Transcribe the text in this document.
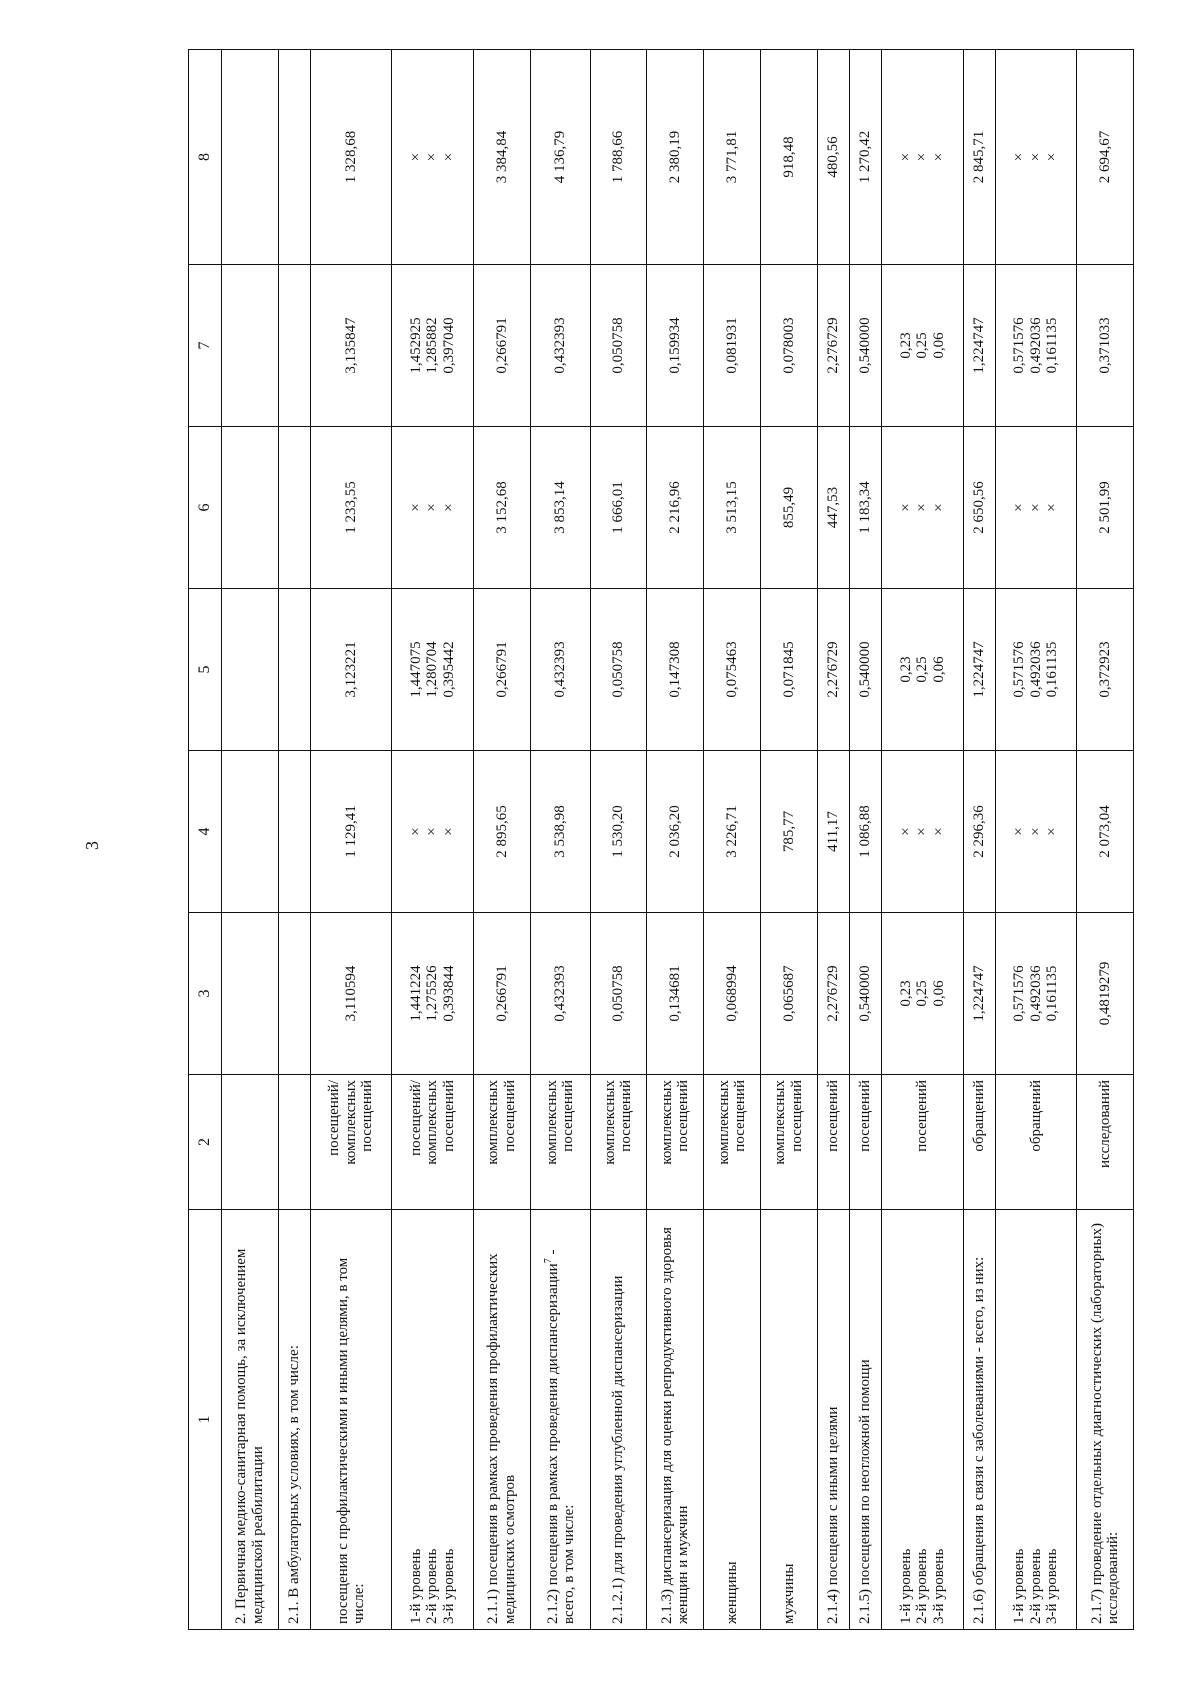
3
1	2	3	4	5	6	7	8
2. Первичная медико-санитарная помощь, за исключением медицинской реабилитации							
2.1. В амбулаторных условиях, в том числе:							
посещения с профилактическими и иными целями, в том числе:	посещений/ комплексных посещений	3,110594	1 129,41	3,123221	1 233,55	3,135847	1 328,68

1-й уровень 2-й уровень 3-й уровень	посещений/ комплексных посещений	1,441224 1,275526 0,393844	× × ×	1,447075 1,280704 0,395442	× × ×	1,452925 1,285882 0,397040	× × ×

2.1.1) посещения в рамках проведения профилактических медицинских осмотров	комплексных посещений	0,266791	2 895,65	0,266791	3 152,68	0,266791	3 384,84
2.1.2) посещения в рамках проведения диспансеризации$^7$ - всего, в том числе:	комплексных посещений	0,432393	3 538,98	0,432393	3 853,14	0,432393	4 136,79
2.1.2.1) для проведения углубленной диспансеризации	комплексных посещений	0,050758	1 530,20	0,050758	1 666,01	0,050758	1 788,66
2.1.3) диспансеризация для оценки репродуктивного здоровья женщин и мужчин	комплексных посещений	0,134681	2 036,20	0,147308	2 216,96	0,159934	2 380,19
женщины	комплексных посещений	0,068994	3 226,71	0,075463	3 513,15	0,081931	3 771,81
мужчины	комплексных посещений	0,065687	785,77	0,071845	855,49	0,078003	918,48
2.1.4) посещения с иными целями	посещений	2,276729	411,17	2,276729	447,53	2,276729	480,56
2.1.5) посещения по неотложной помощи	посещений	0,540000	1 086,88	0,540000	1 183,34	0,540000	1 270,42

1-й уровень 2-й уровень 3-й уровень	посещений	0,23 0,25 0,06	× × ×	0,23 0,25 0,06	× × ×	0,23 0,25 0,06	× × ×

2.1.6) обращения в связи с заболеваниями - всего, из них:	обращений	1,224747	2 296,36	1,224747	2 650,56	1,224747	2 845,71

1-й уровень 2-й уровень 3-й уровень	обращений	0,571576 0,492036 0,161135	× × ×	0,571576 0,492036 0,161135	× × ×	0,571576 0,492036 0,161135	× × ×

2.1.7) проведение отдельных диагностических (лабораторных) исследований:	исследований	0,4819279	2 073,04	0,372923	2 501,99	0,371033	2 694,67
